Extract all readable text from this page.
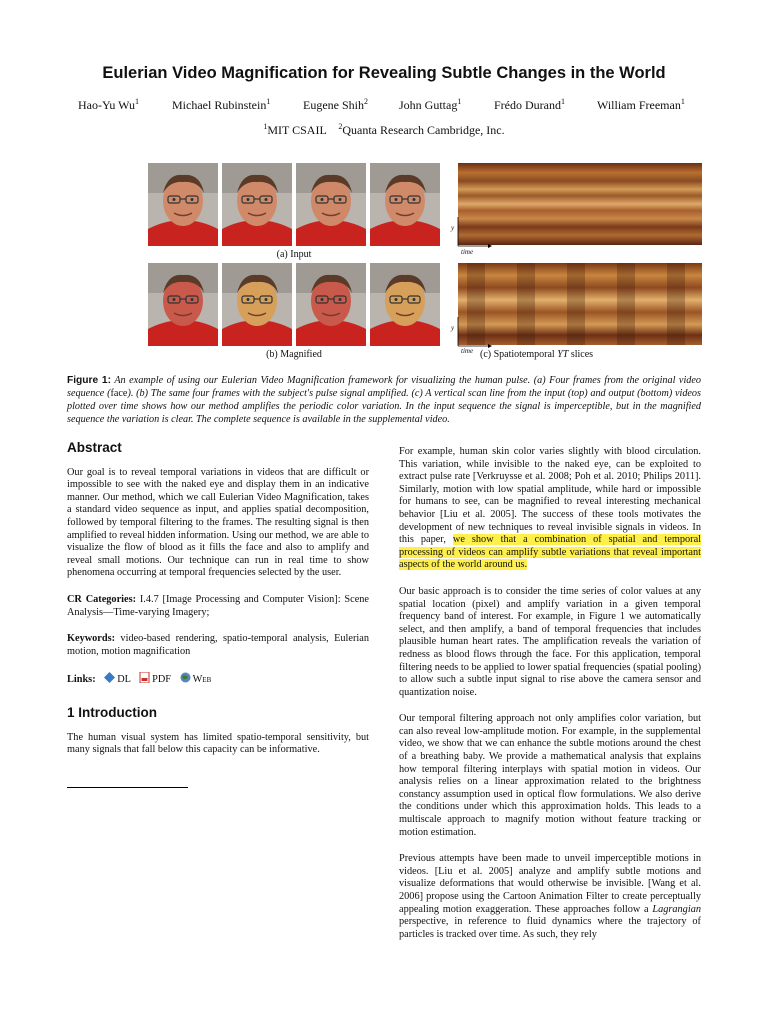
Eulerian Video Magnification for Revealing Subtle Changes in the World
Hao-Yu Wu$^1$	Michael Rubinstein$^1$	Eugene Shih$^2$	John Guttag$^1$	Frédo Durand$^1$	William Freeman$^1$
$^1$MIT CSAIL $^2$Quanta Research Cambridge, Inc.
(a) Input
(b) Magnified
y
time
y
time (c) Spatiotemporal YT slices
Figure 1: An example of using our Eulerian Video Magnification framework for visualizing the human pulse. (a) Four frames from the original video sequence (face). (b) The same four frames with the subject's pulse signal amplified. (c) A vertical scan line from the input (top) and output (bottom) videos plotted over time shows how our method amplifies the periodic color variation. In the input sequence the signal is imperceptible, but in the magnified sequence the variation is clear. The complete sequence is available in the supplemental video.
Abstract

Our goal is to reveal temporal variations in videos that are difficult or impossible to see with the naked eye and display them in an indicative manner. Our method, which we call Eulerian Video Magnification, takes a standard video sequence as input, and applies spatial decomposition, followed by temporal filtering to the frames. The resulting signal is then amplified to reveal hidden information. Using our method, we are able to visualize the flow of blood as it fills the face and also to amplify and reveal small motions. Our technique can run in real time to show phenomena occurring at temporal frequencies selected by the user.

CR Categories: I.4.7 [Image Processing and Computer Vision]: Scene Analysis—Time-varying Imagery;

Keywords: video-based rendering, spatio-temporal analysis, Eulerian motion, motion magnification

Links: DL PDF Web

1 Introduction

The human visual system has limited spatio-temporal sensitivity, but many signals that fall below this capacity can be informative.

For example, human skin color varies slightly with blood circulation. This variation, while invisible to the naked eye, can be exploited to extract pulse rate [Verkruysse et al. 2008; Poh et al. 2010; Philips 2011]. Similarly, motion with low spatial amplitude, while hard or impossible for humans to see, can be magnified to reveal interesting mechanical behavior [Liu et al. 2005]. The success of these tools motivates the development of new techniques to reveal invisible signals in videos. In this paper, we show that a combination of spatial and temporal processing of videos can amplify subtle variations that reveal important aspects of the world around us.

Our basic approach is to consider the time series of color values at any spatial location (pixel) and amplify variation in a given temporal frequency band of interest. For example, in Figure 1 we automatically select, and then amplify, a band of temporal frequencies that includes plausible human heart rates. The amplification reveals the variation of redness as blood flows through the face. For this application, temporal filtering needs to be applied to lower spatial frequencies (spatial pooling) to allow such a subtle input signal to rise above the camera sensor and quantization noise.

Our temporal filtering approach not only amplifies color variation, but can also reveal low-amplitude motion. For example, in the supplemental video, we show that we can enhance the subtle motions around the chest of a breathing baby. We provide a mathematical analysis that explains how temporal filtering interplays with spatial motion in videos. Our analysis relies on a linear approximation related to the brightness constancy assumption used in optical flow formulations. We also derive the conditions under which this approximation holds. This leads to a multiscale approach to magnify motion without feature tracking or motion estimation.

Previous attempts have been made to unveil imperceptible motions in videos. [Liu et al. 2005] analyze and amplify subtle motions and visualize deformations that would otherwise be invisible. [Wang et al. 2006] propose using the Cartoon Animation Filter to create perceptually appealing motion exaggeration. These approaches follow a Lagrangian perspective, in reference to fluid dynamics where the trajectory of particles is tracked over time. As such, they rely
